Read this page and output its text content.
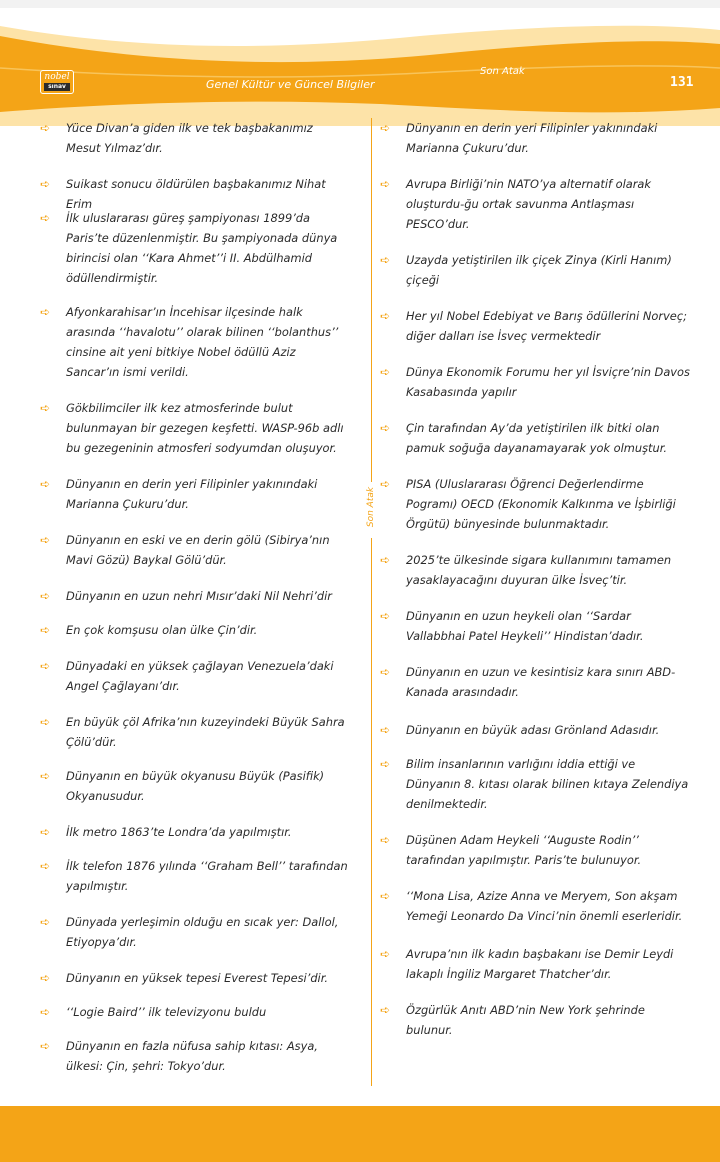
nobel
sınav	Genel Kültür ve Güncel Bilgiler
Son Atak
131
Son Atak
➪	Yüce Divan’a giden ilk ve tek başbakanımız Mesut Yılmaz’dır.
➪	Suikast sonucu öldürülen başbakanımız Nihat Erim
➪	İlk uluslararası güreş şampiyonası 1899’da Paris’te düzenlenmiştir. Bu şampiyonada dünya birincisi olan ‘‘Kara Ahmet’’i II. Abdülhamid ödüllendirmiştir.
➪	Afyonkarahisar’ın İncehisar ilçesinde halk arasında ‘‘havalotu’’ olarak bilinen ‘‘bolanthus’’ cinsine ait yeni bitkiye Nobel ödüllü Aziz Sancar’ın ismi verildi.
➪	Gökbilimciler ilk kez atmosferinde bulut bulunmayan bir gezegen keşfetti. WASP-96b adlı bu gezegeninin atmosferi sodyumdan oluşuyor.
➪	Dünyanın en derin yeri Filipinler yakınındaki Marianna Çukuru’dur.
➪	Dünyanın en eski ve en derin gölü (Sibirya’nın Mavi Gözü) Baykal Gölü’dür.
➪	Dünyanın en uzun nehri Mısır’daki Nil Nehri’dir
➪	En çok komşusu olan ülke Çin’dir.
➪	Dünyadaki en yüksek çağlayan Venezuela’daki Angel Çağlayanı’dır.
➪	En büyük çöl Afrika’nın kuzeyindeki Büyük Sahra Çölü’dür.
➪	Dünyanın en büyük okyanusu Büyük (Pasifik) Okyanusudur.
➪	İlk metro 1863’te Londra’da yapılmıştır.
➪	İlk telefon 1876 yılında ‘‘Graham Bell’’ tarafından yapılmıştır.
➪	Dünyada yerleşimin olduğu en sıcak yer: Dallol, Etiyopya’dır.
➪	Dünyanın en yüksek tepesi Everest Tepesi’dir.
➪	‘‘Logie Baird’’ ilk televizyonu buldu
➪	Dünyanın en fazla nüfusa sahip kıtası: Asya, ülkesi: Çin, şehri: Tokyo’dur.
➪	Dünyanın en derin yeri Filipinler yakınındaki Marianna Çukuru’dur.
➪	Avrupa Birliği’nin NATO’ya alternatif olarak oluşturdu-ğu ortak savunma Antlaşması PESCO’dur.
➪	Uzayda yetiştirilen ilk çiçek Zinya (Kirli Hanım) çiçeği
➪	Her yıl Nobel Edebiyat ve Barış ödüllerini Norveç; diğer dalları ise İsveç vermektedir
➪	Dünya Ekonomik Forumu her yıl İsviçre’nin Davos Kasabasında yapılır
➪	Çin tarafından Ay’da yetiştirilen ilk bitki olan pamuk soğuğa dayanamayarak yok olmuştur.
➪	PISA (Uluslararası Öğrenci Değerlendirme Pogramı) OECD (Ekonomik Kalkınma ve İşbirliği Örgütü) bünyesinde bulunmaktadır.
➪	2025’te ülkesinde sigara kullanımını tamamen yasaklayacağını duyuran ülke İsveç’tir.
➪	Dünyanın en uzun heykeli olan ‘‘Sardar Vallabbhai Patel Heykeli’’ Hindistan’dadır.
➪	Dünyanın en uzun ve kesintisiz kara sınırı ABD-Kanada arasındadır.
➪	Dünyanın en büyük adası Grönland Adasıdır.
➪	Bilim insanlarının varlığını iddia ettiği ve Dünyanın 8. kıtası olarak bilinen kıtaya Zelendiya denilmektedir.
➪	Düşünen Adam Heykeli ‘‘Auguste Rodin’’ tarafından yapılmıştır. Paris’te bulunuyor.
➪	‘‘Mona Lisa, Azize Anna ve Meryem, Son akşam Yemeği Leonardo Da Vinci’nin önemli eserleridir.
➪	Avrupa’nın ilk kadın başbakanı ise Demir Leydi lakaplı İngiliz Margaret Thatcher’dır.
➪	Özgürlük Anıtı ABD’nin New York şehrinde bulunur.
